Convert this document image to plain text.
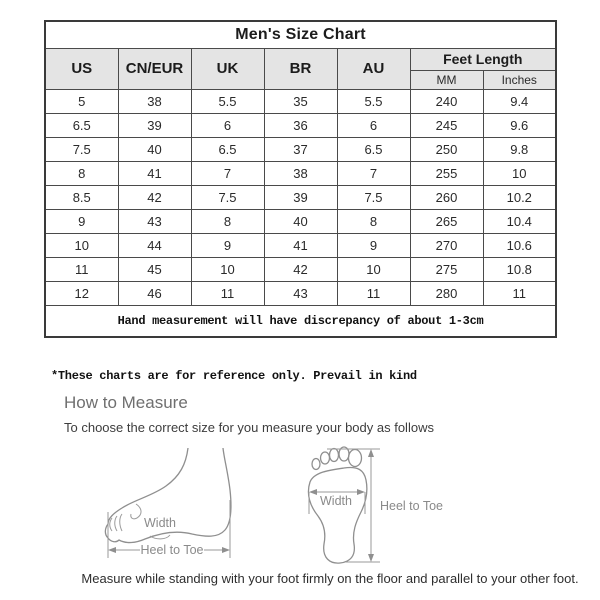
Men's Size Chart						
US	CN/EUR	UK	BR	AU	Feet Length	
					MM	Inches
5	38	5.5	35	5.5	240	9.4
6.5	39	6	36	6	245	9.6
7.5	40	6.5	37	6.5	250	9.8
8	41	7	38	7	255	10
8.5	42	7.5	39	7.5	260	10.2
9	43	8	40	8	265	10.4
10	44	9	41	9	270	10.6
11	45	10	42	10	275	10.8
12	46	11	43	11	280	11
Hand measurement will have discrepancy of about 1-3cm						
*These charts are for reference only. Prevail in kind
How to Measure
To choose the correct size for you measure your body as follows
Width
Heel to Toe
Width Heel to Toe
Measure while standing with your foot firmly on the floor and parallel to your other foot.
